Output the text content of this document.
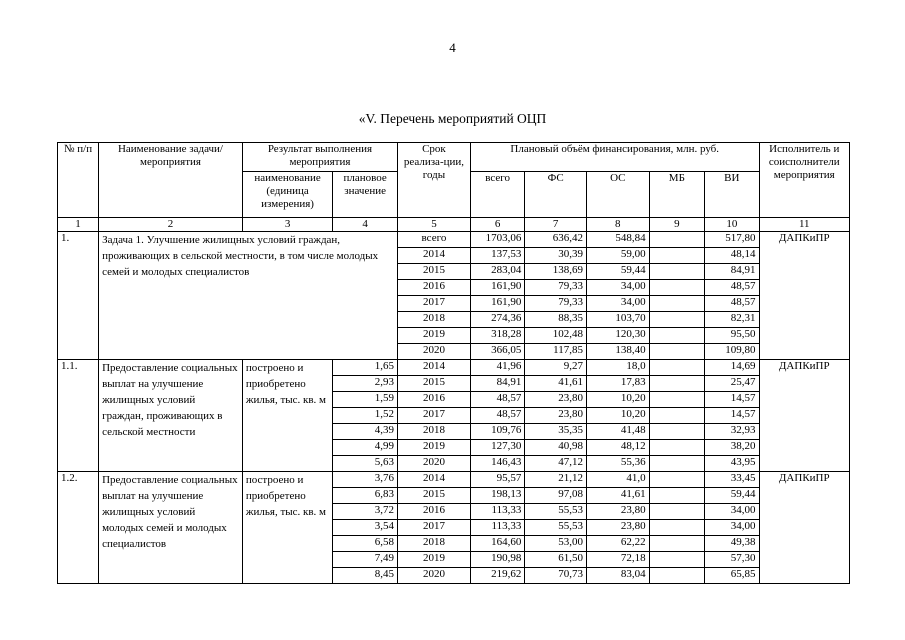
4
«V. Перечень мероприятий ОЦП
№ п/п	Наименование задачи/мероприятия	Результат выполнения мероприятия		Срок реализа-ции, годы	Плановый объём финансирования, млн. руб.					Исполнитель и соисполнители мероприятия
		наименование (единица измерения)	плановое значение		всего	ФС	ОС	МБ	ВИ	
1	2	3	4	5	6	7	8	9	10	11
1.	Задача 1. Улучшение жилищных условий граждан, проживающих в сельской местности, в том числе молодых семей и молодых специалистов			всего	1703,06	636,42	548,84		517,80	ДАПКиПР
				2014	137,53	30,39	59,00		48,14	
				2015	283,04	138,69	59,44		84,91	
				2016	161,90	79,33	34,00		48,57	
				2017	161,90	79,33	34,00		48,57	
				2018	274,36	88,35	103,70		82,31	
				2019	318,28	102,48	120,30		95,50	
				2020	366,05	117,85	138,40		109,80	
1.1.	Предоставление социальных выплат на улучшение жилищных условий граждан, проживающих в сельской местности	построено и приобретено жилья, тыс. кв. м	1,65	2014	41,96	9,27	18,0		14,69	ДАПКиПР
			2,93	2015	84,91	41,61	17,83		25,47	
			1,59	2016	48,57	23,80	10,20		14,57	
			1,52	2017	48,57	23,80	10,20		14,57	
			4,39	2018	109,76	35,35	41,48		32,93	
			4,99	2019	127,30	40,98	48,12		38,20	
			5,63	2020	146,43	47,12	55,36		43,95	
1.2.	Предоставление социальных выплат на улучшение жилищных условий молодых семей и молодых специалистов	построено и приобретено жилья, тыс. кв. м	3,76	2014	95,57	21,12	41,0		33,45	ДАПКиПР
			6,83	2015	198,13	97,08	41,61		59,44	
			3,72	2016	113,33	55,53	23,80		34,00	
			3,54	2017	113,33	55,53	23,80		34,00	
			6,58	2018	164,60	53,00	62,22		49,38	
			7,49	2019	190,98	61,50	72,18		57,30	
			8,45	2020	219,62	70,73	83,04		65,85	
